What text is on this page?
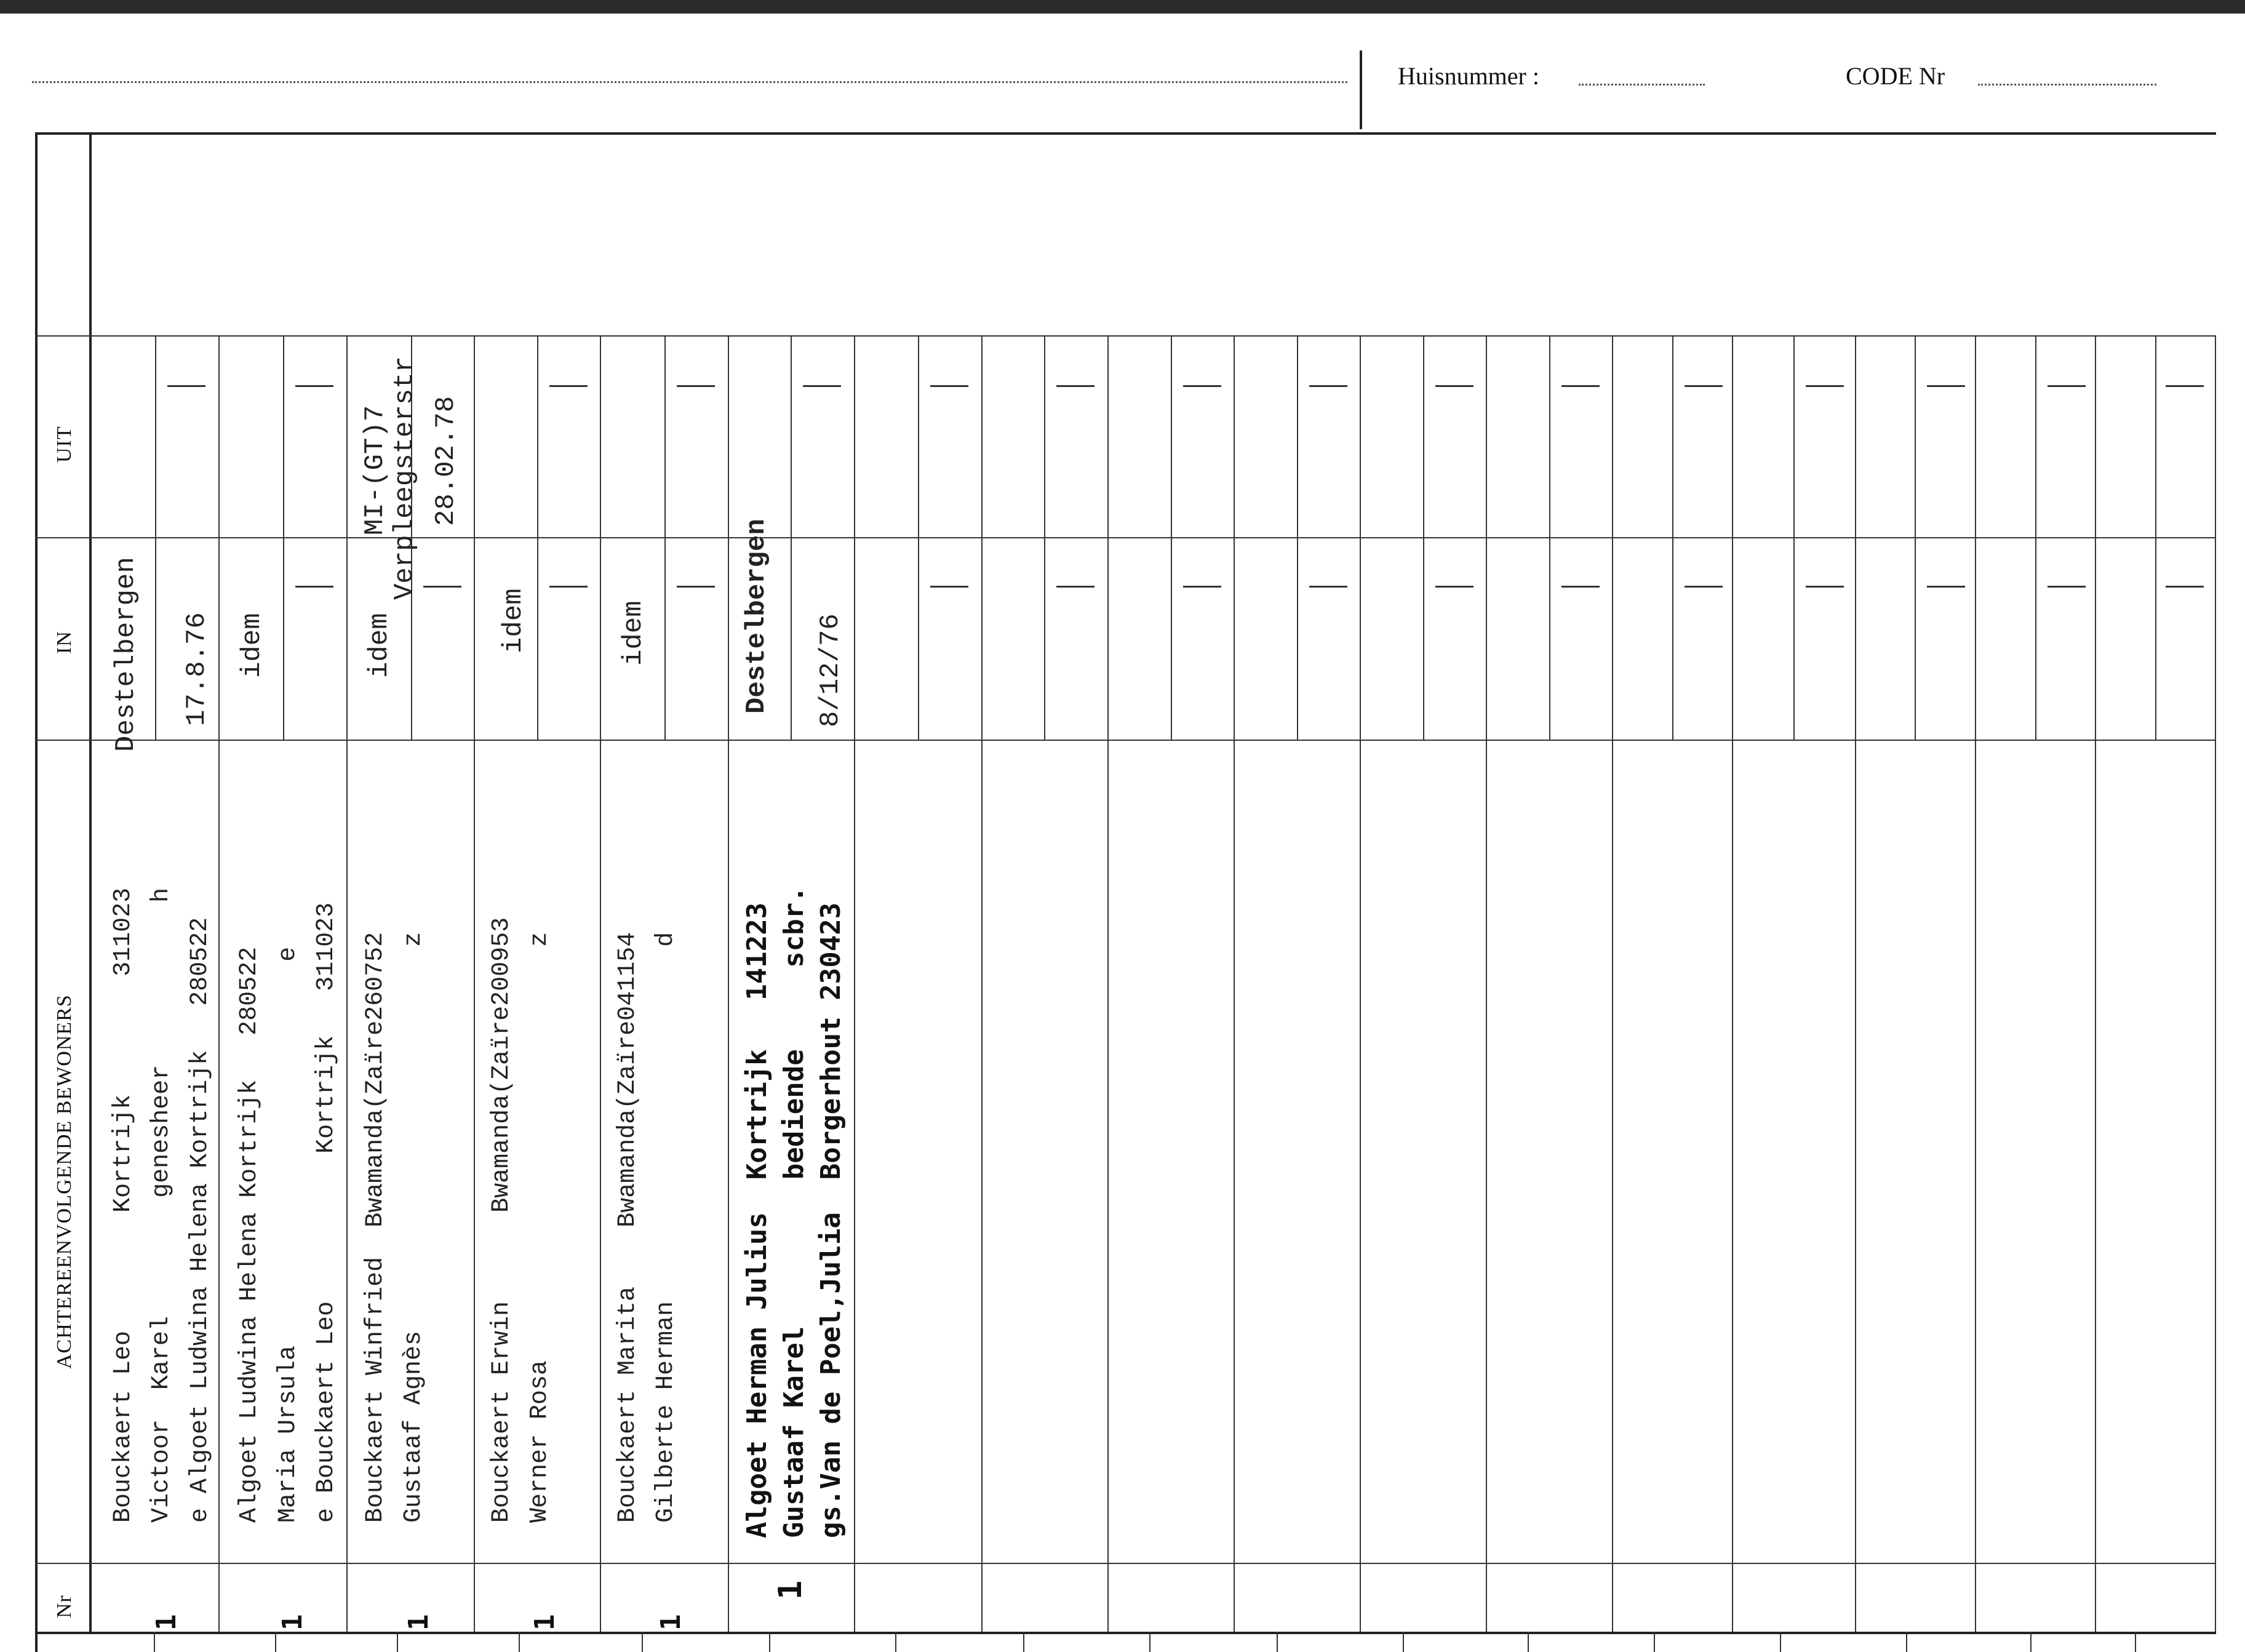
Huisnummer :	CODE Nr
UIT
IN
ACHTEREENVOLGENDE BEWONERS
Nr
Destelbergen 17.8.76
Bouckaert Leo        Kortrijk        311023 Victoor  Karel        genesheer           h e Algoet Ludwina Helena Kortrijk   280522
1
idem
Algoet Ludwina Helena Kortrijk   280522 Maria Ursula                          e e Bouckaert Leo          Kortrijk   311023
1
idem
MI-(GT)7
Verpleegsterstr 28.02.78
Bouckaert Winfried  Bwamanda(Zaïre260752 Gustaaf Agnès                          z
1
idem
Bouckaert Erwin      Bwamanda(Zaïre200953 Werner Rosa                            z
1
idem
Bouckaert Marita    Bwamanda(Zaïre041154 Gilberte Herman                        d
1
Destelbergen 8/12/76
Algoet Herman Julius  Kortrijk   141223 Gustaaf Karel         bediende     scbr. gs.Van de Poel,Julia  Borgerhout 230423
1
